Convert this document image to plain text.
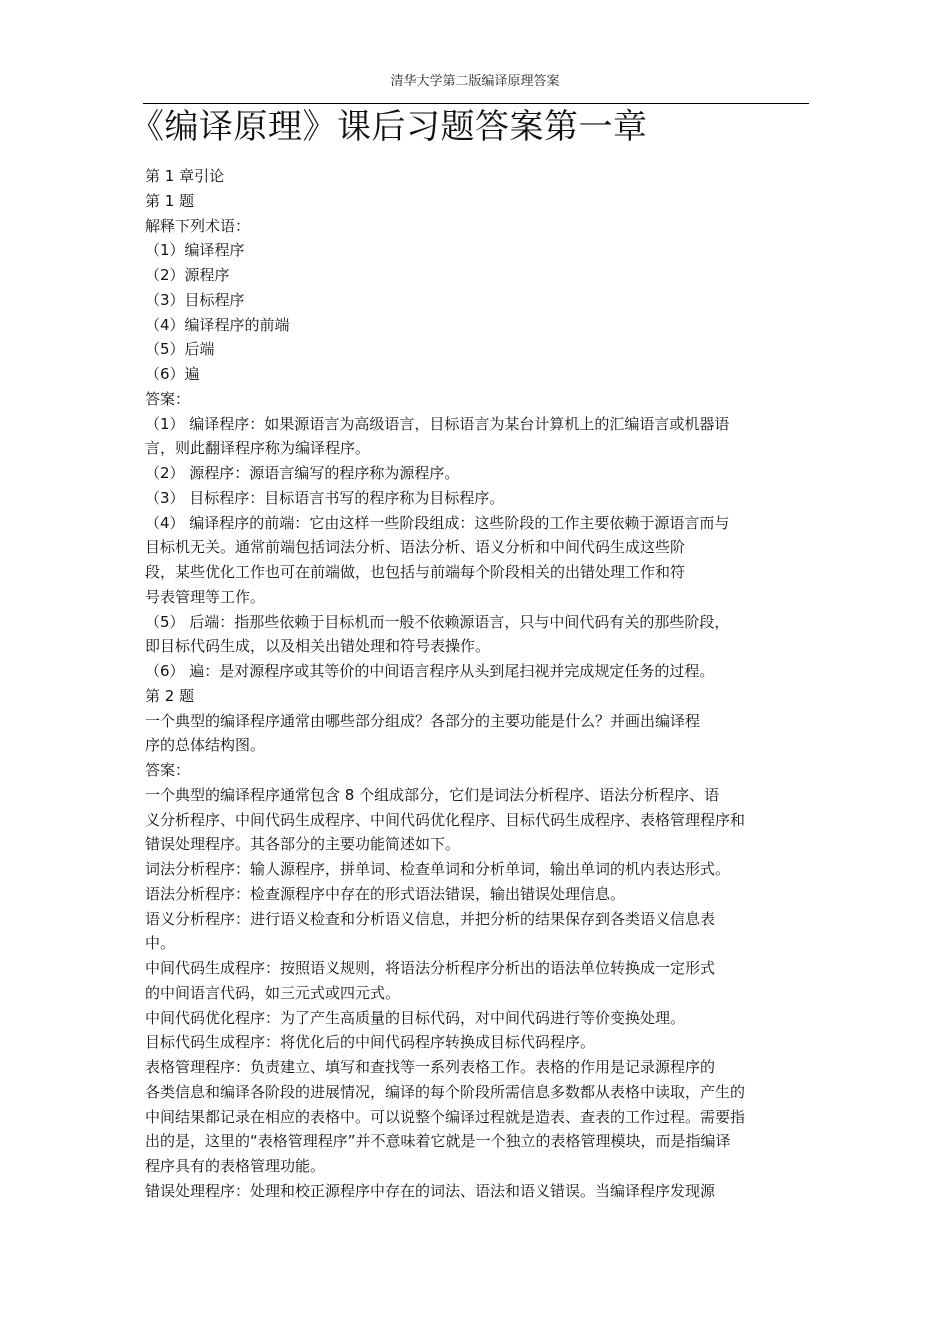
清华大学第二版编译原理答案
《编译原理》课后习题答案第一章
第 1 章引论
第 1 题
解释下列术语：
（1）编译程序
（2）源程序
（3）目标程序
（4）编译程序的前端
（5）后端
（6）遍
答案：
（1） 编译程序：如果源语言为高级语言，目标语言为某台计算机上的汇编语言或机器语
言，则此翻译程序称为编译程序。
（2） 源程序：源语言编写的程序称为源程序。
（3） 目标程序：目标语言书写的程序称为目标程序。
（4） 编译程序的前端：它由这样一些阶段组成：这些阶段的工作主要依赖于源语言而与
目标机无关。通常前端包括词法分析、语法分析、语义分析和中间代码生成这些阶
段，某些优化工作也可在前端做，也包括与前端每个阶段相关的出错处理工作和符
号表管理等工作。
（5） 后端：指那些依赖于目标机而一般不依赖源语言，只与中间代码有关的那些阶段，
即目标代码生成，以及相关出错处理和符号表操作。
（6） 遍：是对源程序或其等价的中间语言程序从头到尾扫视并完成规定任务的过程。
第 2 题
一个典型的编译程序通常由哪些部分组成？各部分的主要功能是什么？并画出编译程
序的总体结构图。
答案：
一个典型的编译程序通常包含 8 个组成部分，它们是词法分析程序、语法分析程序、语
义分析程序、中间代码生成程序、中间代码优化程序、目标代码生成程序、表格管理程序和
错误处理程序。其各部分的主要功能简述如下。
词法分析程序：输人源程序，拼单词、检查单词和分析单词，输出单词的机内表达形式。
语法分析程序：检查源程序中存在的形式语法错误，输出错误处理信息。
语义分析程序：进行语义检查和分析语义信息，并把分析的结果保存到各类语义信息表
中。
中间代码生成程序：按照语义规则，将语法分析程序分析出的语法单位转换成一定形式
的中间语言代码，如三元式或四元式。
中间代码优化程序：为了产生高质量的目标代码，对中间代码进行等价变换处理。
目标代码生成程序：将优化后的中间代码程序转换成目标代码程序。
表格管理程序：负责建立、填写和查找等一系列表格工作。表格的作用是记录源程序的
各类信息和编译各阶段的进展情况，编译的每个阶段所需信息多数都从表格中读取，产生的
中间结果都记录在相应的表格中。可以说整个编译过程就是造表、查表的工作过程。需要指
出的是，这里的“表格管理程序”并不意味着它就是一个独立的表格管理模块，而是指编译
程序具有的表格管理功能。
错误处理程序：处理和校正源程序中存在的词法、语法和语义错误。当编译程序发现源
